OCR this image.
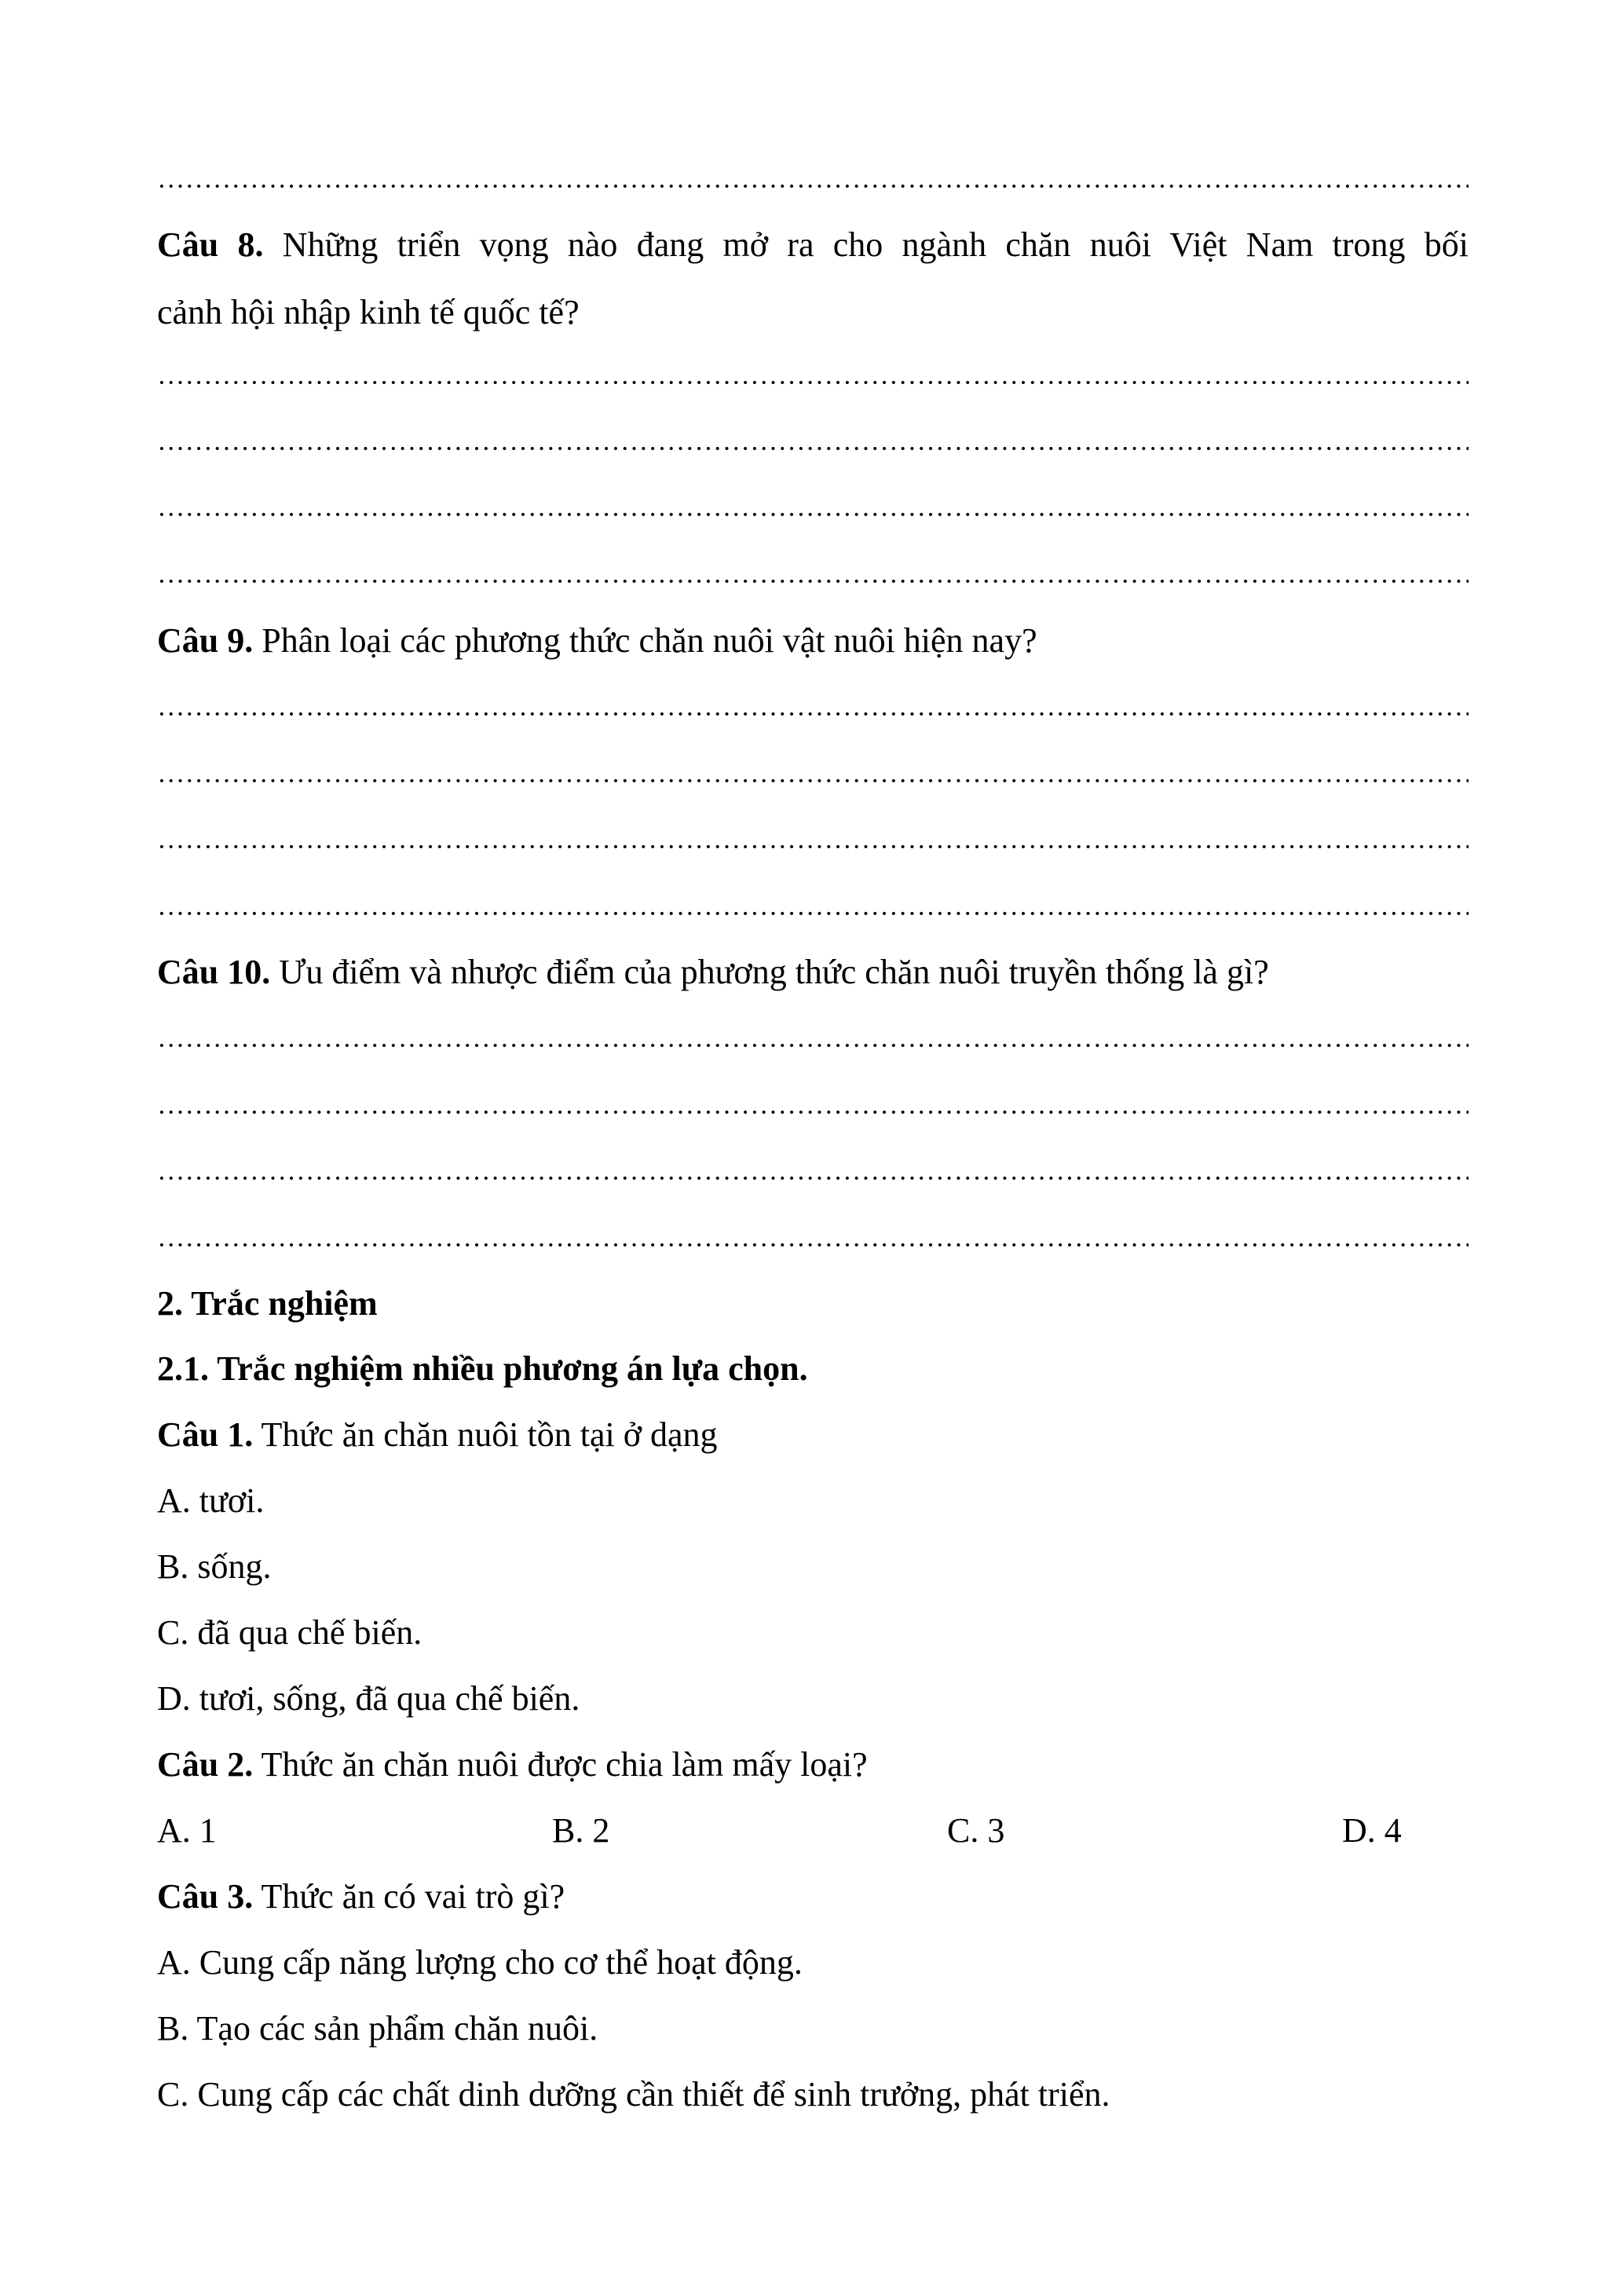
Câu 8. Những triển vọng nào đang mở ra cho ngành chăn nuôi Việt Nam trong bối
cảnh hội nhập kinh tế quốc tế?
Câu 9. Phân loại các phương thức chăn nuôi vật nuôi hiện nay?
Câu 10. Ưu điểm và nhược điểm của phương thức chăn nuôi truyền thống là gì?
2. Trắc nghiệm
2.1. Trắc nghiệm nhiều phương án lựa chọn.
Câu 1. Thức ăn chăn nuôi tồn tại ở dạng
A. tươi.
B. sống.
C. đã qua chế biến.
D. tươi, sống, đã qua chế biến.
Câu 2. Thức ăn chăn nuôi được chia làm mấy loại?
A. 1	B. 2	C. 3	D. 4
Câu 3. Thức ăn có vai trò gì?
A. Cung cấp năng lượng cho cơ thể hoạt động.
B. Tạo các sản phẩm chăn nuôi.
C. Cung cấp các chất dinh dưỡng cần thiết để sinh trưởng, phát triển.
